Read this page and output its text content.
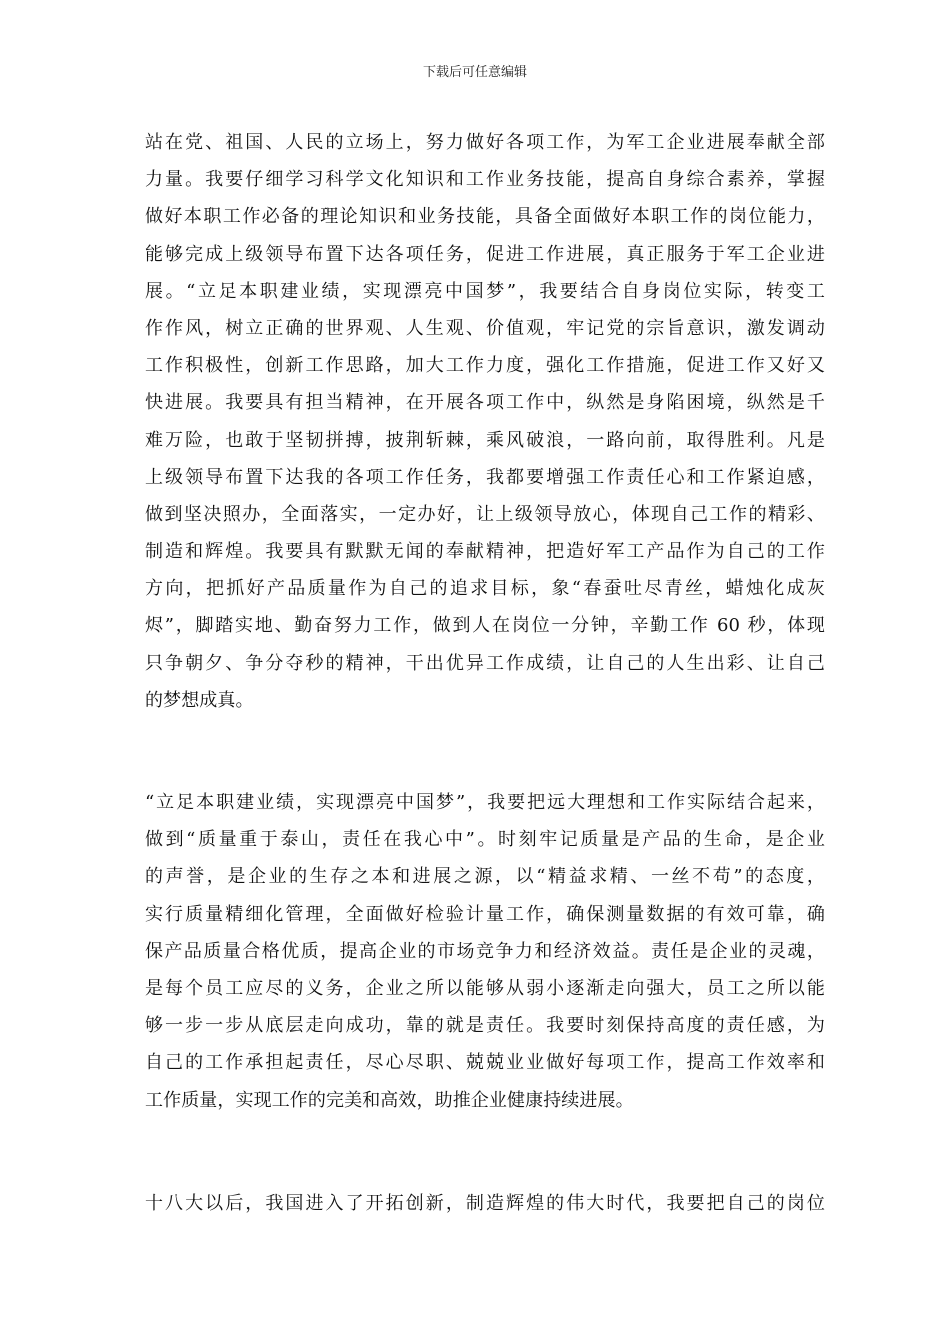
下载后可任意编辑
站在党、祖国、人民的立场上，努力做好各项工作，为军工企业进展奉献全部
力量。我要仔细学习科学文化知识和工作业务技能，提高自身综合素养，掌握
做好本职工作必备的理论知识和业务技能，具备全面做好本职工作的岗位能力，
能够完成上级领导布置下达各项任务，促进工作进展，真正服务于军工企业进
展。“立足本职建业绩，实现漂亮中国梦”，我要结合自身岗位实际，转变工
作作风，树立正确的世界观、人生观、价值观，牢记党的宗旨意识，激发调动
工作积极性，创新工作思路，加大工作力度，强化工作措施，促进工作又好又
快进展。我要具有担当精神，在开展各项工作中，纵然是身陷困境，纵然是千
难万险，也敢于坚韧拼搏，披荆斩棘，乘风破浪，一路向前，取得胜利。凡是
上级领导布置下达我的各项工作任务，我都要增强工作责任心和工作紧迫感，
做到坚决照办，全面落实，一定办好，让上级领导放心，体现自己工作的精彩、
制造和辉煌。我要具有默默无闻的奉献精神，把造好军工产品作为自己的工作
方向，把抓好产品质量作为自己的追求目标，象“春蚕吐尽青丝，蜡烛化成灰
烬”，脚踏实地、勤奋努力工作，做到人在岗位一分钟，辛勤工作 60 秒，体现
只争朝夕、争分夺秒的精神，干出优异工作成绩，让自己的人生出彩、让自己
的梦想成真。
“立足本职建业绩，实现漂亮中国梦”，我要把远大理想和工作实际结合起来，
做到“质量重于泰山，责任在我心中”。时刻牢记质量是产品的生命，是企业
的声誉，是企业的生存之本和进展之源，以“精益求精、一丝不苟”的态度，
实行质量精细化管理，全面做好检验计量工作，确保测量数据的有效可靠，确
保产品质量合格优质，提高企业的市场竞争力和经济效益。责任是企业的灵魂，
是每个员工应尽的义务，企业之所以能够从弱小逐渐走向强大，员工之所以能
够一步一步从底层走向成功，靠的就是责任。我要时刻保持高度的责任感，为
自己的工作承担起责任，尽心尽职、兢兢业业做好每项工作，提高工作效率和
工作质量，实现工作的完美和高效，助推企业健康持续进展。
十八大以后，我国进入了开拓创新，制造辉煌的伟大时代，我要把自己的岗位
